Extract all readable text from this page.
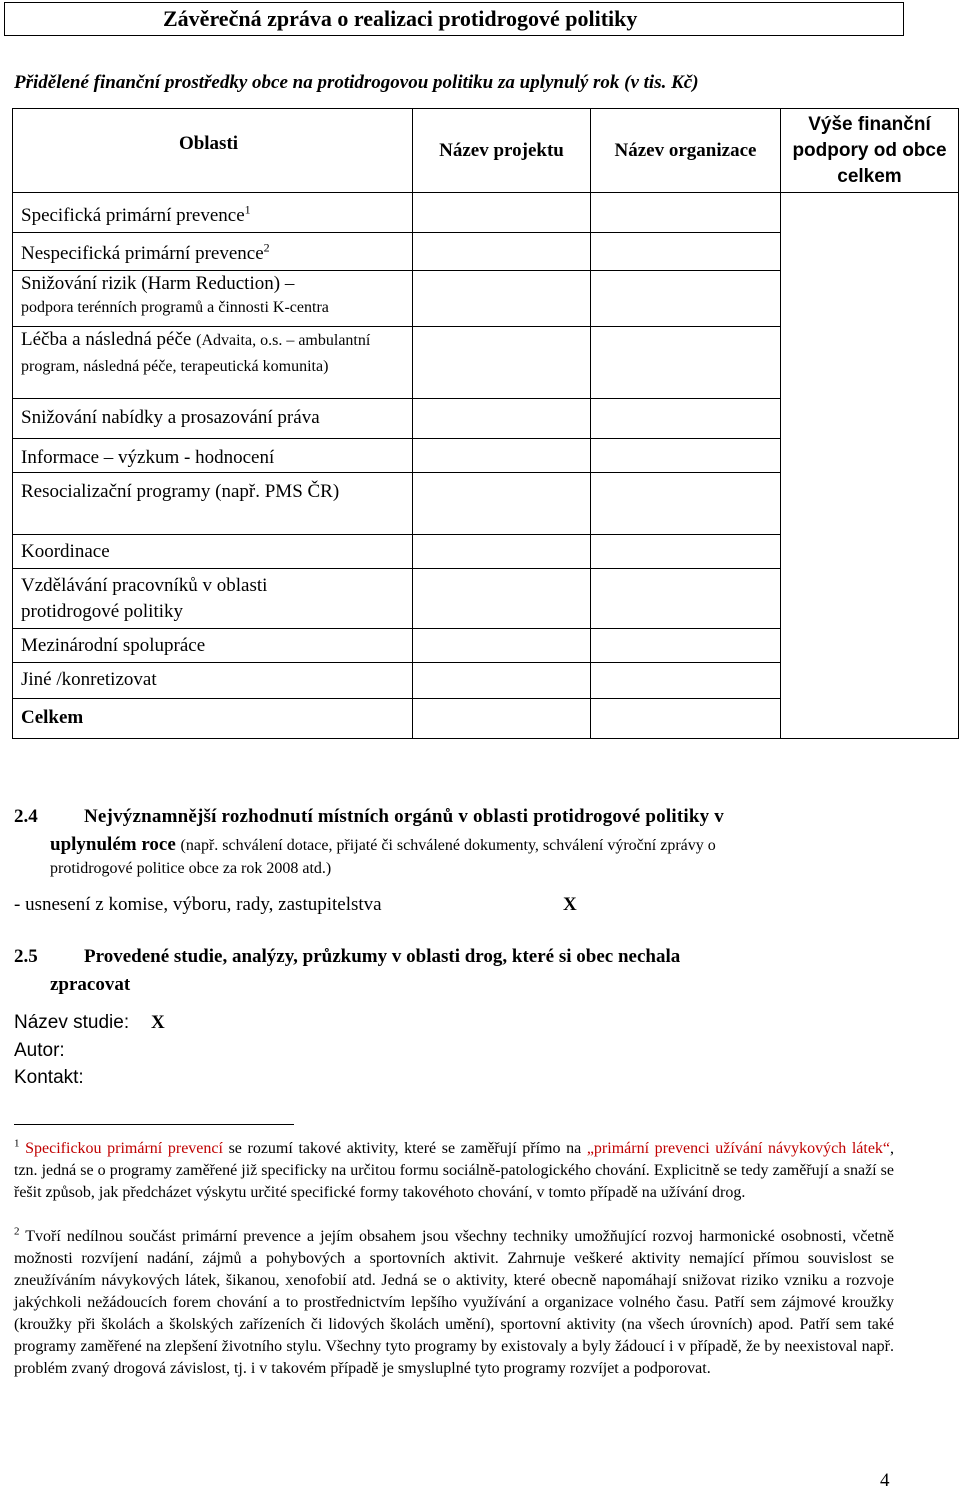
Závěrečná zpráva o realizaci protidrogové politiky
Přidělené finanční prostředky obce na protidrogovou politiku za uplynulý rok (v tis. Kč)
Oblasti	Název projektu	Název organizace	Výše finanční podpory od obce celkem
Specifická primární prevence$^1$			
Nespecifická primární prevence$^2$		

Snižování rizik (Harm Reduction) –
podpora terénních programů a činnosti K-centra			

Léčba a následná péče (Advaita, o.s. – ambulantní program, následná péče, terapeutická komunita)			
Snižování nabídky a prosazování práva			
Informace – výzkum - hodnocení			

Resocializační programy (např. PMS ČR)			

Koordinace			

Vzdělávání pracovníků v oblasti protidrogové politiky			

Mezinárodní spolupráce			
Jiné /konretizovat			
Celkem			
2.4 Nejvýznamnější rozhodnutí místních orgánů v oblasti protidrogové politiky v
uplynulém roce (např. schválení dotace, přijaté či schválené dokumenty, schválení výroční zprávy o
protidrogové politice obce za rok 2008 atd.)
- usnesení z komise, výboru, rady, zastupitelstva	X
2.5 Provedené studie, analýzy, průzkumy v oblasti drog, které si obec nechala
zpracovat
Název studie: X
Autor:
Kontakt:
$^1$ Specifickou primární prevencí se rozumí takové aktivity, které se zaměřují přímo na „primární prevenci užívání návykových látek“, tzn. jedná se o programy zaměřené již specificky na určitou formu sociálně-patologického chování. Explicitně se tedy zaměřují a snaží se řešit způsob, jak předcházet výskytu určité specifické formy takovéhoto chování, v tomto případě na užívání drog.
$^2$ Tvoří nedílnou součást primární prevence a jejím obsahem jsou všechny techniky umožňující rozvoj harmonické osobnosti, včetně možnosti rozvíjení nadání, zájmů a pohybových a sportovních aktivit. Zahrnuje veškeré aktivity nemající přímou souvislost se zneužíváním návykových látek, šikanou, xenofobií atd. Jedná se o aktivity, které obecně napomáhají snižovat riziko vzniku a rozvoje jakýchkoli nežádoucích forem chování a to prostřednictvím lepšího využívání a organizace volného času. Patří sem zájmové kroužky (kroužky při školách a školských zařízeních či lidových školách umění), sportovní aktivity (na všech úrovních) apod. Patří sem také programy zaměřené na zlepšení životního stylu. Všechny tyto programy by existovaly a byly žádoucí i v případě, že by neexistoval např. problém zvaný drogová závislost, tj. i v takovém případě je smysluplné tyto programy rozvíjet a podporovat.
4
